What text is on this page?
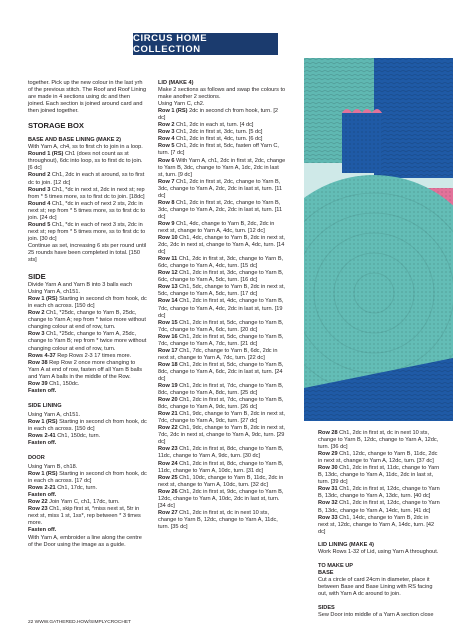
CIRCUS HOME COLLECTION

together. Pick up the new colour in the last yrh of the previous stitch. The Roof and Roof Lining are made in 4 sections using dc and then joined. Each section is joined around card and then joined together.

STORAGE BOX
BASE AND BASE LINING (MAKE 2)
With Yarn A, ch4, ss to first ch to join in a loop.
Round 1 (RS) Ch1 (does not count as st throughout), 6dc into loop, ss to first dc to join. [6 dc]
Round 2 Ch1, 2dc in each st around, ss to first dc to join. [12 dc]
Round 3 Ch1, *dc in next st, 2dc in next st; rep from * 5 times more, ss to first dc to join. [18dc]
Round 4 Ch1, *dc in each of next 2 sts, 2dc in next st; rep from * 5 times more, ss to first dc to join. [24 dc]
Round 5 Ch1, *dc in each of next 3 sts, 2dc in next st; rep from * 5 times more, ss to first dc to join. [30 dc]
Continue as set, increasing 6 sts per round until 25 rounds have been completed in total. [150 sts]
SIDE
Divide Yarn A and Yarn B into 3 balls each
Using Yarn A, ch151.
Row 1 (RS) Starting in second ch from hook, dc in each ch across. [150 dc]
Row 2 Ch1, *25dc, change to Yarn B, 25dc, change to Yarn A; rep from * twice more without changing colour at end of row, turn.
Row 3 Ch1, *25dc, change to Yarn A, 25dc, change to Yarn B; rep from * twice more without changing colour at end of row, turn.
Rows 4-37 Rep Rows 2-3 17 times more.
Row 38 Rep Row 2 once more changing to Yarn A at end of row, fasten off all Yarn B balls and Yarn A balls in the middle of the Row.
Row 39 Ch1, 150dc.
Fasten off.
SIDE LINING
Using Yarn A, ch151.
Row 1 (RS) Starting in second ch from hook, dc in each ch across. [150 dc]
Rows 2-41 Ch1, 150dc, turn.
Fasten off.
DOOR
Using Yarn B, ch18.
Row 1 (RS) Starting in second ch from hook, dc in each ch across. [17 dc]
Rows 2-21 Ch1, 17dc, turn.
Fasten off.
Row 22 Join Yarn C, ch1, 17dc, turn.
Row 23 Ch1, skip first st, *miss next st, 5tr in next st, miss 1 st, 1ss*, rep between * 3 times more.
Fasten off.
With Yarn A, embroider a line along the centre of the Door using the image as a guide.
LID (MAKE 4)
Make 2 sections as follows and swap the colours to make another 2 sections.
Using Yarn C, ch2.
Row 1 (RS) 2dc in second ch from hook, turn. [2 dc]
Row 2 Ch1, 2dc in each st, turn. [4 dc]
Row 3 Ch1, 2dc in first st, 3dc, turn. [5 dc]
Row 4 Ch1, 2dc in first st, 4dc, turn. [6 dc]
Row 5 Ch1, 2dc in first st, 5dc, fasten off Yarn C, turn. [7 dc]
Row 6 With Yarn A, ch1, 2dc in first st, 2dc, change to Yarn B, 3dc, change to Yarn A, 1dc, 2dc in last st, turn. [9 dc]
Row 7 Ch1, 2dc in first st, 2dc, change to Yarn B, 3dc, change to Yarn A, 2dc, 2dc in last st, turn. [11 dc]
Row 8 Ch1, 2dc in first st, 2dc, change to Yarn B, 3dc, change to Yarn A, 2dc, 2dc in last st, turn. [11 dc]
Row 9 Ch1, 4dc, change to Yarn B, 2dc, 2dc in next st, change to Yarn A, 4dc, turn. [12 dc]
Row 10 Ch1, 4dc, change to Yarn B, 2dc in next st, 2dc, 2dc in next st, change to Yarn A, 4dc, turn. [14 dc]
Row 11 Ch1, 2dc in first st, 3dc, change to Yarn B, 6dc, change to Yarn A, 4dc, turn. [15 dc]
Row 12 Ch1, 2dc in first st, 3dc, change to Yarn B, 6dc, change to Yarn A, 5dc, turn. [16 dc]
Row 13 Ch1, 5dc, change to Yarn B, 2dc in next st, 5dc, change to Yarn A, 5dc, turn. [17 dc]
Row 14 Ch1, 2dc in first st, 4dc, change to Yarn B, 7dc, change to Yarn A, 4dc, 2dc in last st, turn. [19 dc]
Row 15 Ch1, 2dc in first st, 5dc, change to Yarn B, 7dc, change to Yarn A, 6dc, turn. [20 dc]
Row 16 Ch1, 2dc in first st, 5dc, change to Yarn B, 7dc, change to Yarn A, 7dc, turn. [21 dc]
Row 17 Ch1, 7dc, change to Yarn B, 6dc, 2dc in next st, change to Yarn A, 7dc, turn. [22 dc]
Row 18 Ch1, 2dc in first st, 5dc, change to Yarn B, 8dc, change to Yarn A, 6dc, 2dc in last st, turn. [24 dc]
Row 19 Ch1, 2dc in first st, 7dc, change to Yarn B, 8dc, change to Yarn A, 8dc, turn. [25 dc]
Row 20 Ch1, 2dc in first st, 7dc, change to Yarn B, 8dc, change to Yarn A, 9dc, turn. [26 dc]
Row 21 Ch1, 9dc, change to Yarn B, 2dc in next st, 7dc, change to Yarn A, 9dc, turn. [27 dc]
Row 22 Ch1, 9dc, change to Yarn B, 2dc in next st, 7dc, 2dc in next st, change to Yarn A, 9dc, turn. [29 dc]
Row 23 Ch1, 2dc in first st, 8dc, change to Yarn B, 11dc, change to Yarn A, 9dc, turn. [30 dc]
Row 24 Ch1, 2dc in first st, 8dc, change to Yarn B, 11dc, change to Yarn A, 10dc, turn. [31 dc]
Row 25 Ch1, 10dc, change to Yarn B, 11dc, 2dc in next st, change to Yarn A, 10dc, turn. [32 dc]
Row 26 Ch1, 2dc in first st, 9dc, change to Yarn B, 12dc, change to Yarn A, 10dc, 2dc in last st, turn. [34 dc]
Row 27 Ch1, 2dc in first st, dc in next 10 sts, change to Yarn B, 12dc, change to Yarn A, 11dc, turn. [35 dc]
Row 28 Ch1, 2dc in first st, dc in next 10 sts, change to Yarn B, 12dc, change to Yarn A, 12dc, turn. [36 dc]
Row 29 Ch1, 12dc, change to Yarn B, 11dc, 2dc in next st, change to Yarn A, 12dc, turn. [37 dc]
Row 30 Ch1, 2dc in first st, 11dc, change to Yarn B, 13dc, change to Yarn A, 11dc, 2dc in last st, turn. [39 dc]
Row 31 Ch1, 2dc in first st, 12dc, change to Yarn B, 13dc, change to Yarn A, 13dc, turn. [40 dc]
Row 32 Ch1, 2dc in first st, 12dc, change to Yarn B, 13dc, change to Yarn A, 14dc, turn. [41 dc]
Row 33 Ch1, 14dc, change to Yarn B, 2dc in next st, 12dc, change to Yarn A, 14dc, turn. [42 dc]
LID LINING (MAKE 4)
Work Rows 1-32 of Lid, using Yarn A throughout.
TO MAKE UP
BASE
Cut a circle of card 24cm in diameter, place it between Base and Base Lining with RS facing out, with Yarn A dc around to join.
SIDES
Sew Door into middle of a Yarn A section close
22 WWW.GATHERED.HOW/SIMPLYCROCHET
